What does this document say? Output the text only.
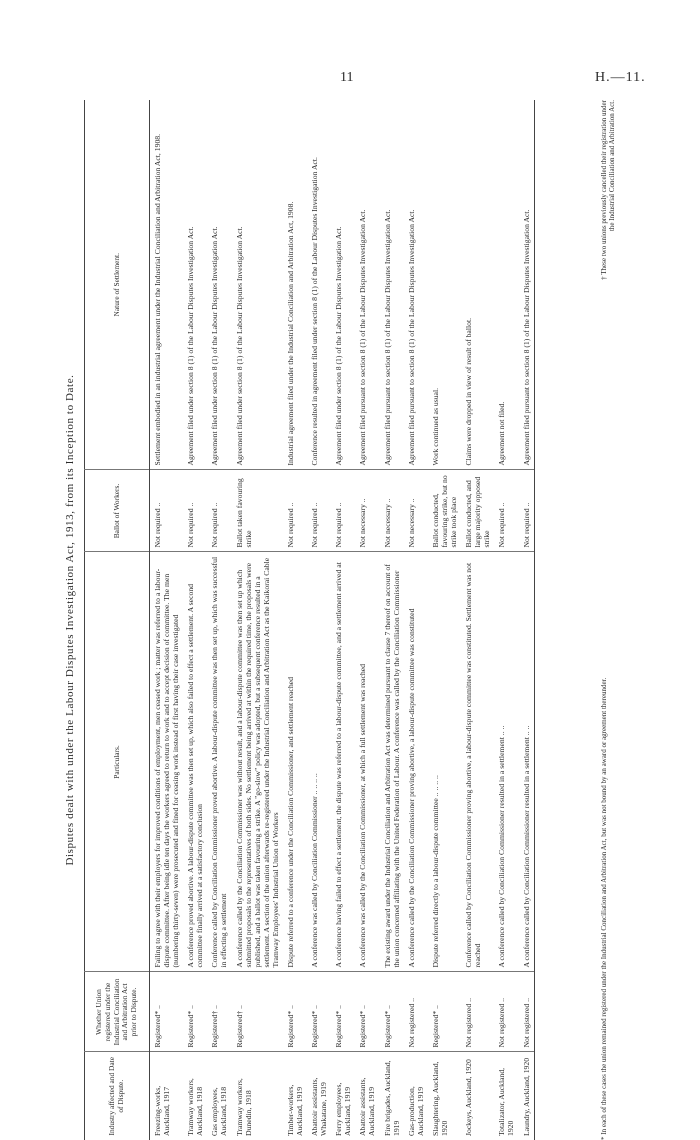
11	H.—11.
Disputes dealt with under the Labour Disputes Investigation Act, 1913, from its Inception to Date.
Industry affected and Date of Dispute.	Whether Union registered under the Industrial Conciliation and Arbitration Act prior to Dispute.	Particulars.	Ballot of Workers.	Nature of Settlement.
Freezing-works, Auckland, 1917	Registered* ..	Failing to agree with their employers for improved conditions of employment, men ceased work ; matter was referred to a labour-dispute committee. After being idle ten days the workers agreed to return to work and to accept decision of committee. The men (numbering thirty-seven) were prosecuted and fined for ceasing work instead of first having their case investigated	Not required ..	Settlement embodied in an industrial agreement under the Industrial Conciliation and Arbitration Act, 1908.
Tramway workers, Auckland, 1918	Registered* ..	A conference proved abortive. A labour-dispute committee was then set up, which also failed to effect a settlement. A second committee finally arrived at a satisfactory conclusion	Not required ..	Agreement filed under section 8 (1) of the Labour Disputes Investigation Act.
Gas employees, Auckland, 1918	Registered† ..	Conference called by Conciliation Commissioner proved abortive. A labour-dispute committee was then set up, which was successful in effecting a settlement	Not required ..	Agreement filed under section 8 (1) of the Labour Disputes Investigation Act.
Tramway workers, Dunedin, 1918	Registered† ..	A conference called by the Conciliation Commissioner was without result, and a labour-dispute committee was then set up which submitted proposals to the representatives of both sides. No settlement being arrived at within the required time, the proposals were published, and a ballot was taken favouring a strike. A "go-slow" policy was adopted, but a subsequent conference resulted in a settlement. A section of the union afterwards re-registered under the Industrial Conciliation and Arbitration Act as the Kaikorai Cable Tramway Employees' Industrial Union of Workers	Ballot taken favouring strike	Agreement filed under section 8 (1) of the Labour Disputes Investigation Act.
Timber-workers, Auckland, 1919	Registered* ..	Dispute referred to a conference under the Conciliation Commissioner, and settlement reached	Not required ..	Industrial agreement filed under the Industrial Conciliation and Arbitration Act, 1908.
Abattoir assistants, Whakatane, 1919	Registered* ..	A conference was called by Conciliation Commissioner .. .. .. ..	Not required ..	Conference resulted in agreement filed under section 8 (1) of the Labour Disputes Investigation Act.
Ferry employees, Auckland, 1919	Registered* ..	A conference having failed to effect a settlement, the dispute was referred to a labour-dispute committee, and a settlement arrived at	Not required ..	Agreement filed under section 8 (1) of the Labour Disputes Investigation Act.
Abattoir assistants, Auckland, 1919	Registered* ..	A conference was called by the Conciliation Commissioner, at which a full settlement was reached	Not necessary ..	Agreement filed pursuant to section 8 (1) of the Labour Disputes Investigation Act.
Fire brigades, Auckland, 1919	Registered* ..	The existing award under the Industrial Conciliation and Arbitration Act was determined pursuant to clause 7 thereof on account of the union concerned affiliating with the United Federation of Labour. A conference was called by the Conciliation Commissioner	Not necessary ..	Agreement filed pursuant to section 8 (1) of the Labour Disputes Investigation Act.
Gas-production, Auckland, 1919	Not registered ..	A conference called by the Conciliation Commissioner proving abortive, a labour-dispute committee was constituted	Not necessary ..	Agreement filed pursuant to section 8 (1) of the Labour Disputes Investigation Act.
Slaughtering, Auckland, 1920	Registered* ..	Dispute referred directly to a labour-dispute committee .. .. .. ..	Ballot conducted, favouring strike, but no strike took place	Work continued as usual.
Jockeys, Auckland, 1920	Not registered ..	Conference called by Conciliation Commissioner proving abortive, a labour-dispute committee was constituted. Settlement was not reached	Ballot conducted, and large majority opposed strike	Claims were dropped in view of result of ballot.
Totalizator, Auckland, 1920	Not registered ..	A conference called by Conciliation Commissioner resulted in a settlement .. ..	Not required ..	Agreement not filed.
Laundry, Auckland, 1920	Not registered ..	A conference called by Conciliation Commissioner resulted in a settlement .. ..	Not required ..	Agreement filed pursuant to section 8 (1) of the Labour Disputes Investigation Act.
* In each of these cases the union remained registered under the Industrial Conciliation and Arbitration Act, but was not bound by an award or agreement thereunder.
† These two unions previously cancelled their registration under the Industrial Conciliation and Arbitration Act.
